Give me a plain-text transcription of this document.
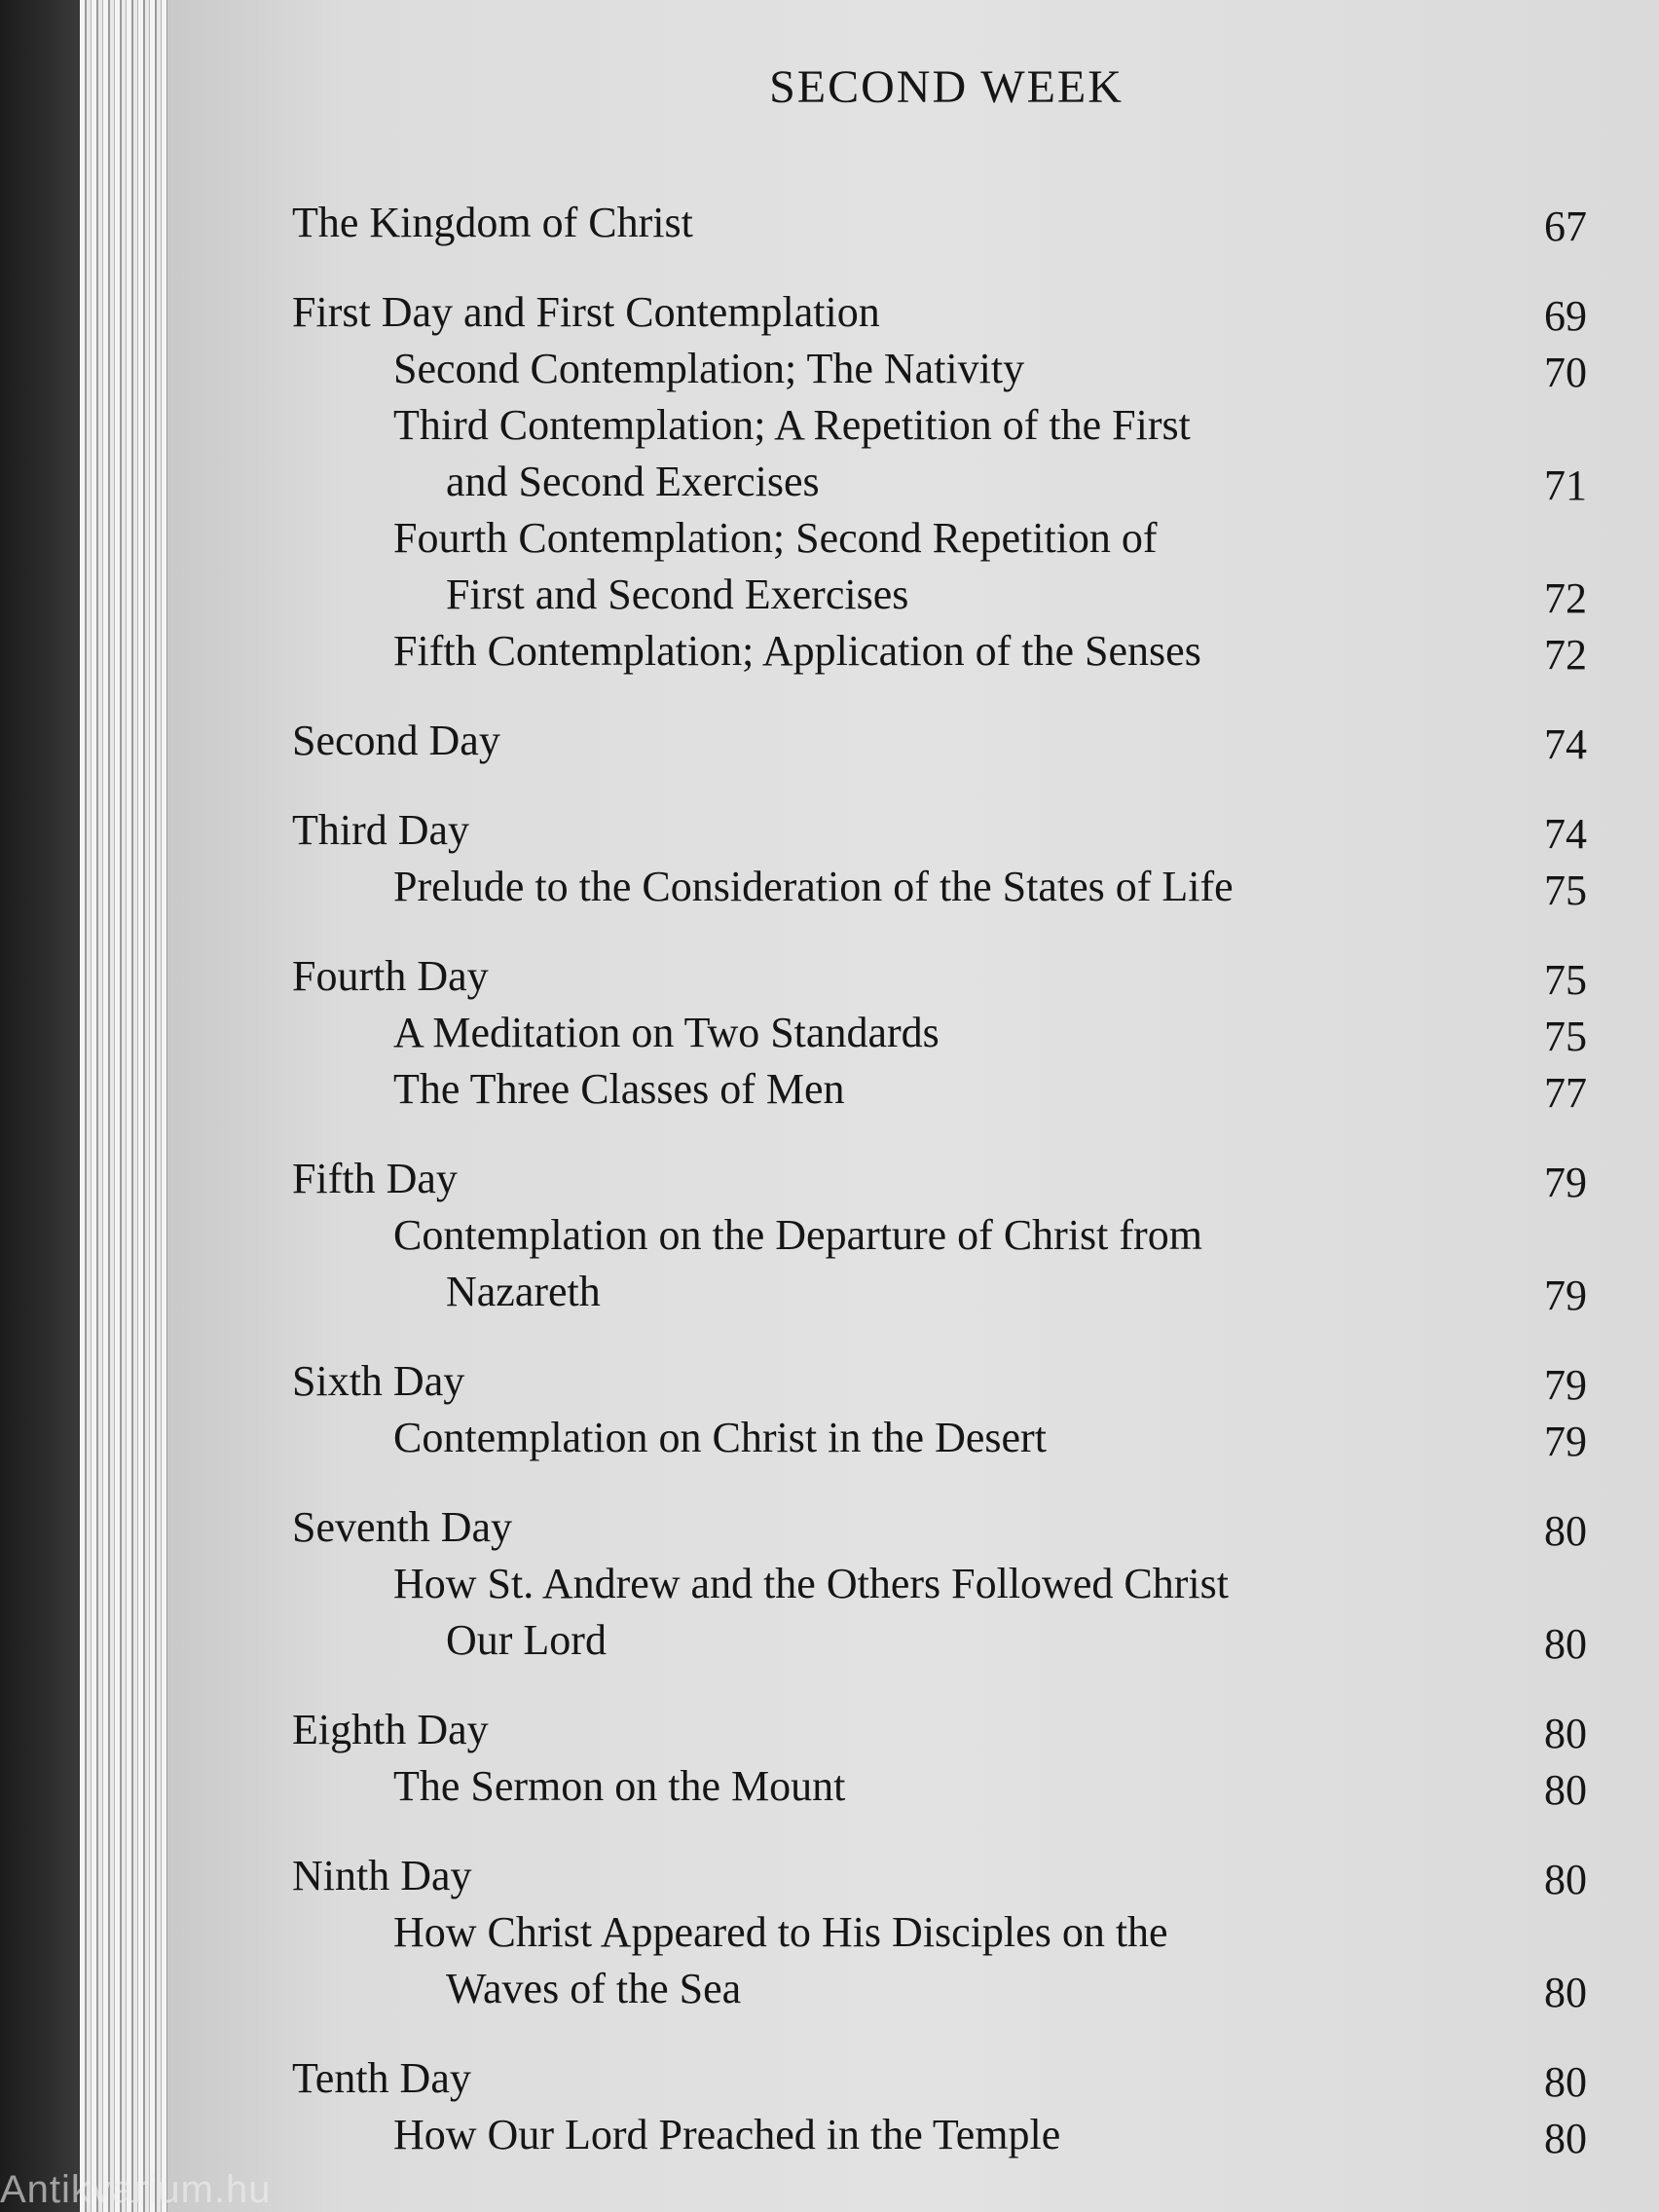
SECOND WEEK
The Kingdom of Christ	67
First Day and First Contemplation	69
Second Contemplation; The Nativity	70
Third Contemplation; A Repetition of the First
and Second Exercises	71
Fourth Contemplation; Second Repetition of
First and Second Exercises	72
Fifth Contemplation; Application of the Senses	72
Second Day	74
Third Day	74
Prelude to the Consideration of the States of Life	75
Fourth Day	75
A Meditation on Two Standards	75
The Three Classes of Men	77
Fifth Day	79
Contemplation on the Departure of Christ from
Nazareth	79
Sixth Day	79
Contemplation on Christ in the Desert	79
Seventh Day	80
How St. Andrew and the Others Followed Christ
Our Lord	80
Eighth Day	80
The Sermon on the Mount	80
Ninth Day	80
How Christ Appeared to His Disciples on the
Waves of the Sea	80
Tenth Day	80
How Our Lord Preached in the Temple	80
Antikvarium.hu
